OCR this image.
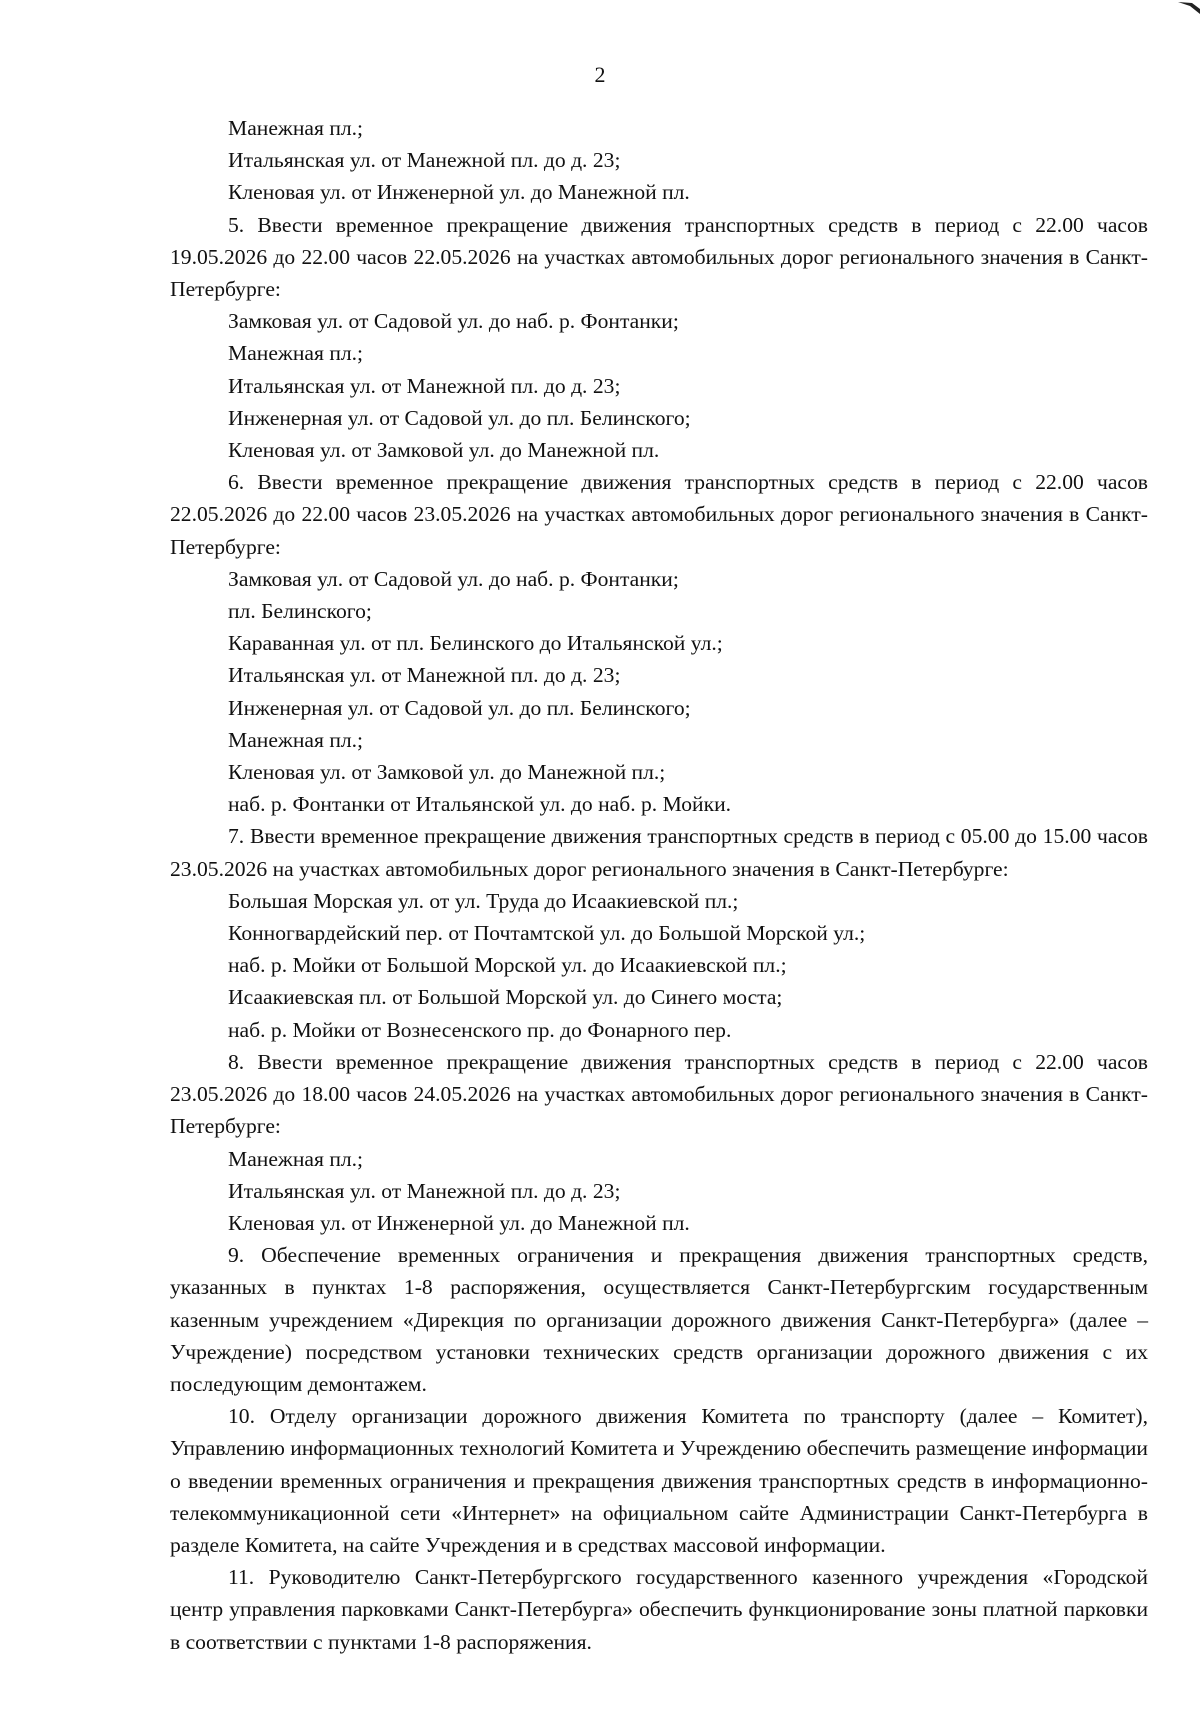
2

Манежная пл.;

Итальянская ул. от Манежной пл. до д. 23;

Кленовая ул. от Инженерной ул. до Манежной пл.

5. Ввести временное прекращение движения транспортных средств в период с 22.00 часов 19.05.2026 до 22.00 часов 22.05.2026 на участках автомобильных дорог регионального значения в Санкт-Петербурге:

Замковая ул. от Садовой ул. до наб. р. Фонтанки;

Манежная пл.;

Итальянская ул. от Манежной пл. до д. 23;

Инженерная ул. от Садовой ул. до пл. Белинского;

Кленовая ул. от Замковой ул. до Манежной пл.

6. Ввести временное прекращение движения транспортных средств в период с 22.00 часов 22.05.2026 до 22.00 часов 23.05.2026 на участках автомобильных дорог регионального значения в Санкт-Петербурге:

Замковая ул. от Садовой ул. до наб. р. Фонтанки;

пл. Белинского;

Караванная ул. от пл. Белинского до Итальянской ул.;

Итальянская ул. от Манежной пл. до д. 23;

Инженерная ул. от Садовой ул. до пл. Белинского;

Манежная пл.;

Кленовая ул. от Замковой ул. до Манежной пл.;

наб. р. Фонтанки от Итальянской ул. до наб. р. Мойки.

7. Ввести временное прекращение движения транспортных средств в период с 05.00 до 15.00 часов 23.05.2026 на участках автомобильных дорог регионального значения в Санкт-Петербурге:

Большая Морская ул. от ул. Труда до Исаакиевской пл.;

Конногвардейский пер. от Почтамтской ул. до Большой Морской ул.;

наб. р. Мойки от Большой Морской ул. до Исаакиевской пл.;

Исаакиевская пл. от Большой Морской ул. до Синего моста;

наб. р. Мойки от Вознесенского пр. до Фонарного пер.

8. Ввести временное прекращение движения транспортных средств в период с 22.00 часов 23.05.2026 до 18.00 часов 24.05.2026 на участках автомобильных дорог регионального значения в Санкт-Петербурге:

Манежная пл.;

Итальянская ул. от Манежной пл. до д. 23;

Кленовая ул. от Инженерной ул. до Манежной пл.

9. Обеспечение временных ограничения и прекращения движения транспортных средств, указанных в пунктах 1-8 распоряжения, осуществляется Санкт-Петербургским государственным казенным учреждением «Дирекция по организации дорожного движения Санкт-Петербурга» (далее – Учреждение) посредством установки технических средств организации дорожного движения с их последующим демонтажем.

10. Отделу организации дорожного движения Комитета по транспорту (далее – Комитет), Управлению информационных технологий Комитета и Учреждению обеспечить размещение информации о введении временных ограничения и прекращения движения транспортных средств в информационно-телекоммуникационной сети «Интернет» на официальном сайте Администрации Санкт-Петербурга в разделе Комитета, на сайте Учреждения и в средствах массовой информации.

11. Руководителю Санкт-Петербургского государственного казенного учреждения «Городской центр управления парковками Санкт-Петербурга» обеспечить функционирование зоны платной парковки в соответствии с пунктами 1-8 распоряжения.
